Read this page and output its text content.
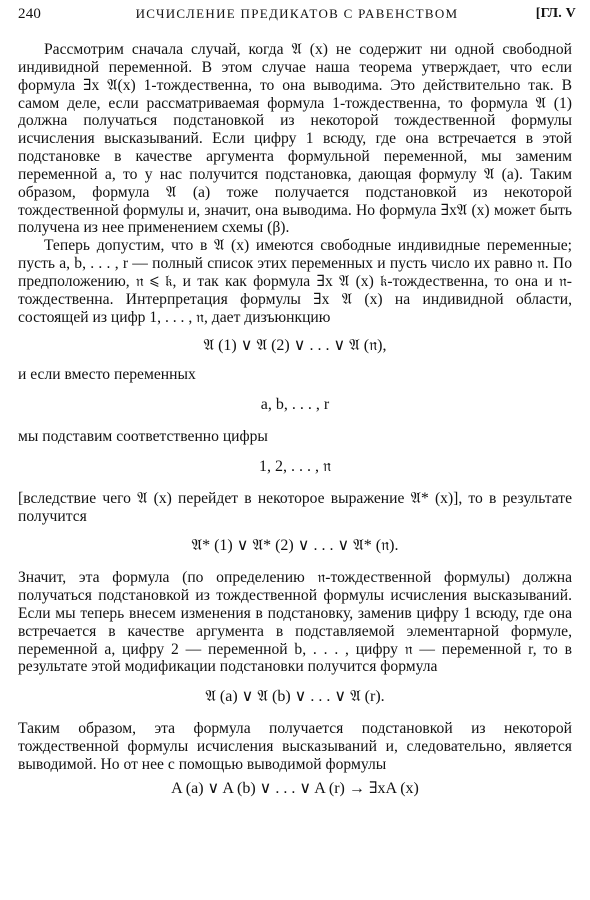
240	ИСЧИСЛЕНИЕ ПРЕДИКАТОВ С РАВЕНСТВОМ	[ГЛ. V

Рассмотрим сначала случай, когда 𝔄 (x) не содержит ни одной свободной индивидной переменной. В этом случае наша теорема утверждает, что если формула ∃x 𝔄(x) 1-тождественна, то она выводима. Это действительно так. В самом деле, если рассматриваемая формула 1-тождественна, то формула 𝔄 (1) должна получаться подстановкой из некоторой тождественной формулы исчисления высказываний. Если цифру 1 всюду, где она встречается в этой подстановке в качестве аргумента формульной переменной, мы заменим переменной a, то у нас получится подстановка, дающая формулу 𝔄 (a). Таким образом, формула 𝔄 (a) тоже получается подстановкой из некоторой тождественной формулы и, значит, она выводима. Но формула ∃x𝔄 (x) может быть получена из нее применением схемы (β).

Теперь допустим, что в 𝔄 (x) имеются свободные индивидные переменные; пусть a, b, . . . , r — полный список этих переменных и пусть число их равно 𝔫. По предположению, 𝔫 ⩽ 𝔨, и так как формула ∃x 𝔄 (x) 𝔨-тождественна, то она и 𝔫-тождественна. Интерпретация формулы ∃x 𝔄 (x) на индивидной области, состоящей из цифр 1, . . . , 𝔫, дает дизъюнкцию

𝔄 (1) ∨ 𝔄 (2) ∨ . . . ∨ 𝔄 (𝔫),

и если вместо переменных

a, b, . . . , r

мы подставим соответственно цифры

1, 2, . . . , 𝔫

[вследствие чего 𝔄 (x) перейдет в некоторое выражение 𝔄* (x)], то в результате получится

𝔄* (1) ∨ 𝔄* (2) ∨ . . . ∨ 𝔄* (𝔫).

Значит, эта формула (по определению 𝔫-тождественной формулы) должна получаться подстановкой из тождественной формулы исчисления высказываний. Если мы теперь внесем изменения в подстановку, заменив цифру 1 всюду, где она встречается в качестве аргумента в подставляемой элементарной формуле, переменной a, цифру 2 — переменной b, . . . , цифру 𝔫 — переменной r, то в результате этой модификации подстановки получится формула

𝔄 (a) ∨ 𝔄 (b) ∨ . . . ∨ 𝔄 (r).

Таким образом, эта формула получается подстановкой из некоторой тождественной формулы исчисления высказываний и, следовательно, является выводимой. Но от нее с помощью выводимой формулы

A (a) ∨ A (b) ∨ . . . ∨ A (r) → ∃xA (x)
